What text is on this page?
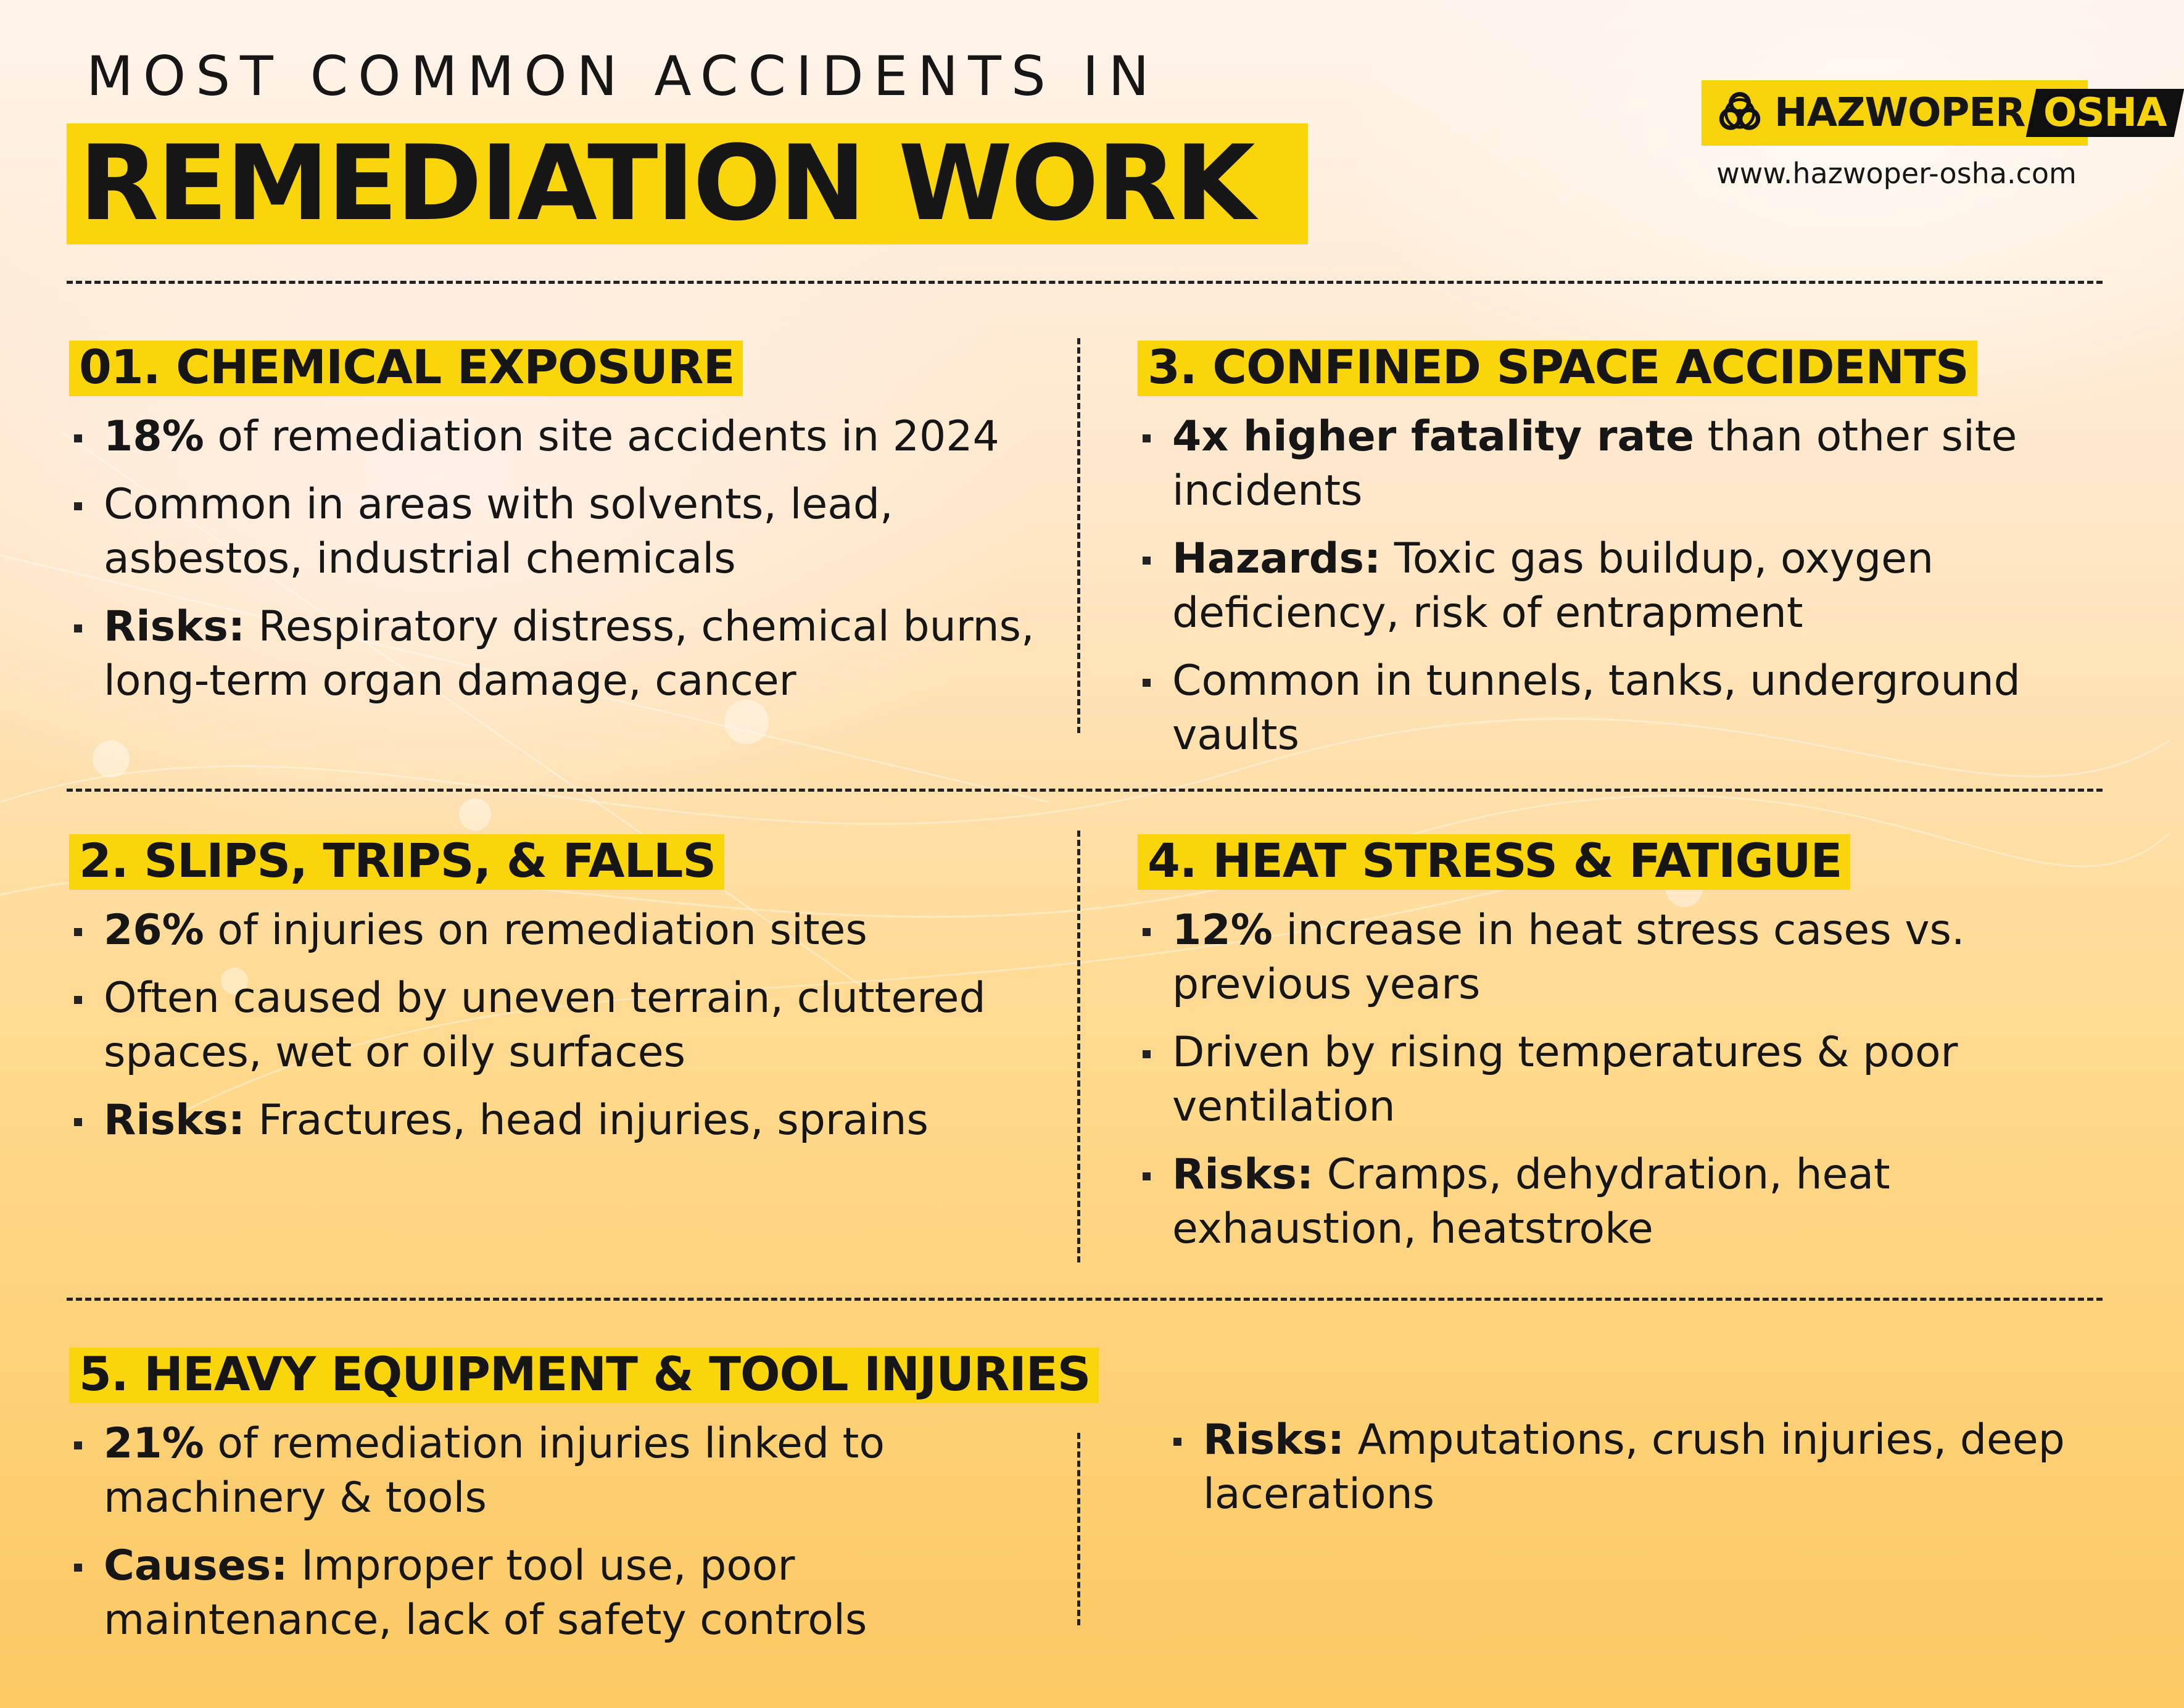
MOST COMMON ACCIDENTS IN
REMEDIATION WORK
HAZWOPER OSHA
www.hazwoper-osha.com
01. CHEMICAL EXPOSURE
18% of remediation site accidents in 2024
Common in areas with solvents, lead, asbestos, industrial chemicals
Risks: Respiratory distress, chemical burns, long-term organ damage, cancer
3. CONFINED SPACE ACCIDENTS
4x higher fatality rate than other site incidents
Hazards: Toxic gas buildup, oxygen deficiency, risk of entrapment
Common in tunnels, tanks, underground vaults
2. SLIPS, TRIPS, & FALLS
26% of injuries on remediation sites
Often caused by uneven terrain, cluttered spaces, wet or oily surfaces
Risks: Fractures, head injuries, sprains
4. HEAT STRESS & FATIGUE
12% increase in heat stress cases vs. previous years
Driven by rising temperatures & poor ventilation
Risks: Cramps, dehydration, heat exhaustion, heatstroke
5. HEAVY EQUIPMENT & TOOL INJURIES
21% of remediation injuries linked to machinery & tools
Causes: Improper tool use, poor maintenance, lack of safety controls
Risks: Amputations, crush injuries, deep lacerations
